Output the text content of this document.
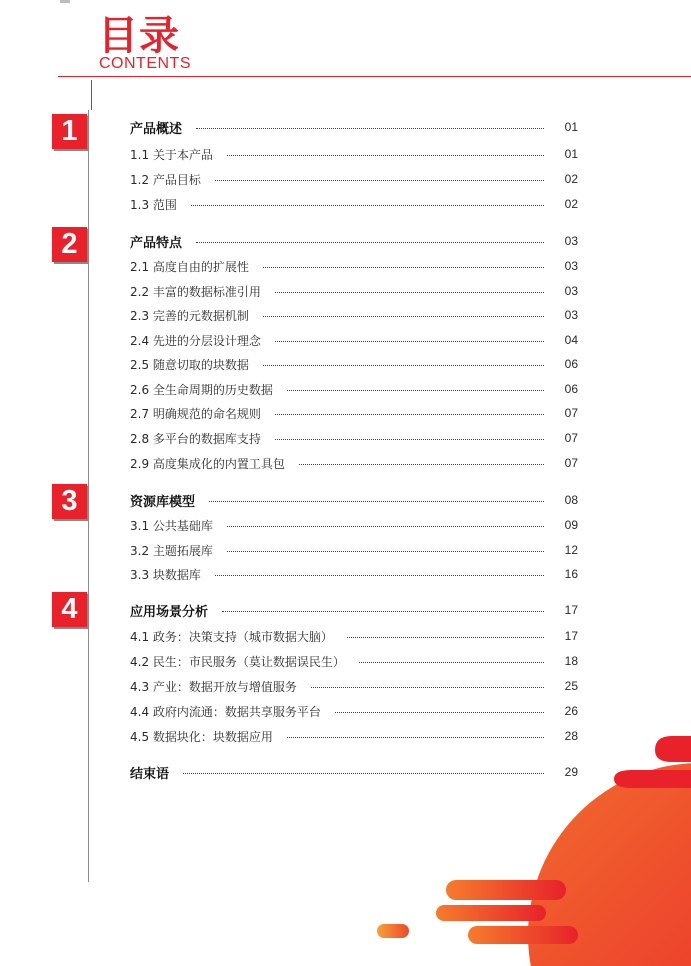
目录
CONTENTS
1
2
3
4
产品概述	01
1.1 关于本产品	01
1.2 产品目标	02
1.3 范围	02
产品特点	03
2.1 高度自由的扩展性	03
2.2 丰富的数据标准引用	03
2.3 完善的元数据机制	03
2.4 先进的分层设计理念	04
2.5 随意切取的块数据	06
2.6 全生命周期的历史数据	06
2.7 明确规范的命名规则	07
2.8 多平台的数据库支持	07
2.9 高度集成化的内置工具包	07
资源库模型	08
3.1 公共基础库	09
3.2 主题拓展库	12
3.3 块数据库	16
应用场景分析	17
4.1 政务：决策支持（城市数据大脑）	17
4.2 民生：市民服务（莫让数据误民生）	18
4.3 产业：数据开放与增值服务	25
4.4 政府内流通：数据共享服务平台	26
4.5 数据块化：块数据应用	28
结束语	29
